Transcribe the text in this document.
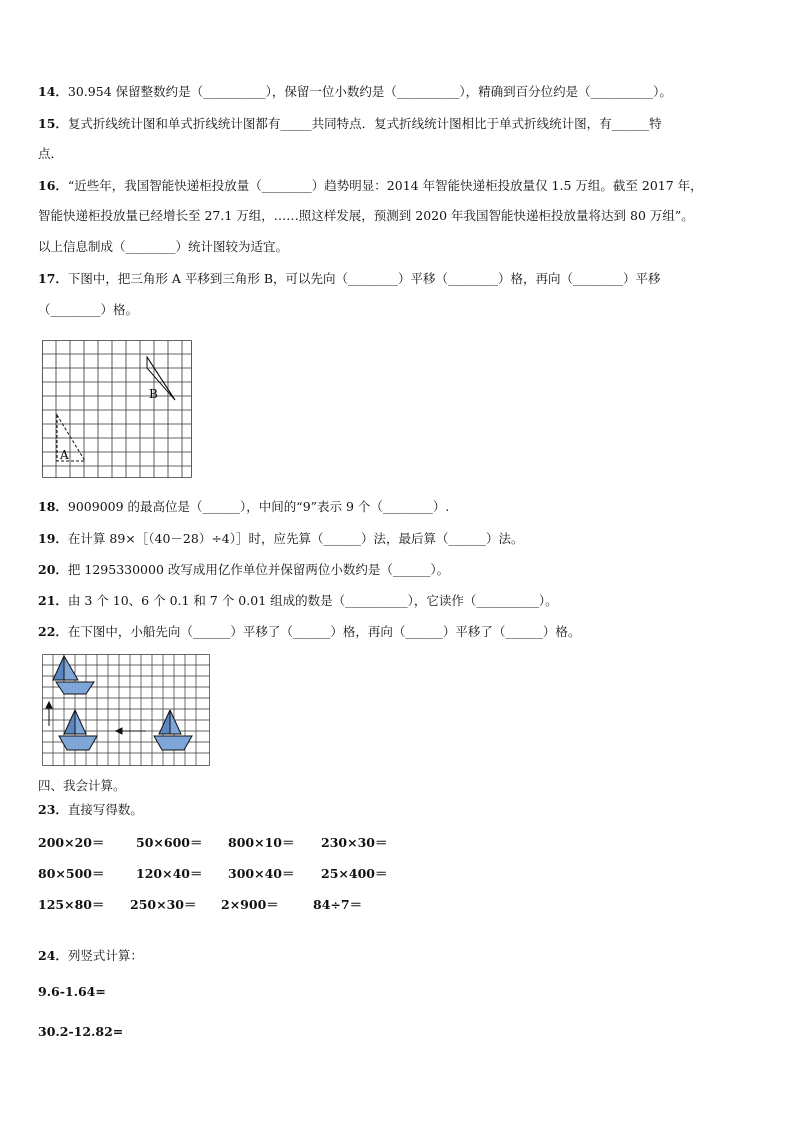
14．30.954 保留整数约是（__________），保留一位小数约是（__________），精确到百分位约是（__________）。
15．复式折线统计图和单式折线统计图都有_____共同特点．复式折线统计图相比于单式折线统计图，有______特
点．
16．“近些年，我国智能快递柜投放量（________）趋势明显：2014 年智能快递柜投放量仅 1.5 万组。截至 2017 年，
智能快递柜投放量已经增长至 27.1 万组，……照这样发展，预测到 2020 年我国智能快递柜投放量将达到 80 万组”。
以上信息制成（________）统计图较为适宜。
17．下图中，把三角形 A 平移到三角形 B，可以先向（________）平移（________）格，再向（________）平移
（________）格。
B
A
18．9009009 的最高位是（______），中间的“9”表示 9 个（________）.
19．在计算 89×［（40－28）÷4）］时，应先算（______）法，最后算（______）法。
20．把 1295330000 改写成用亿作单位并保留两位小数约是（______）。
21．由 3 个 10、6 个 0.1 和 7 个 0.01 组成的数是（__________），它读作（__________）。
22．在下图中，小船先向（______）平移了（______）格，再向（______）平移了（______）格。
四、我会计算。
23．直接写得数。
200×20＝	50×600＝ 800×10＝ 230×30＝
80×500＝	120×40＝ 300×40＝ 25×400＝
125×80＝ 250×30＝ 2×900＝	84÷7＝
24．列竖式计算：
9.6-1.64=
30.2-12.82=
